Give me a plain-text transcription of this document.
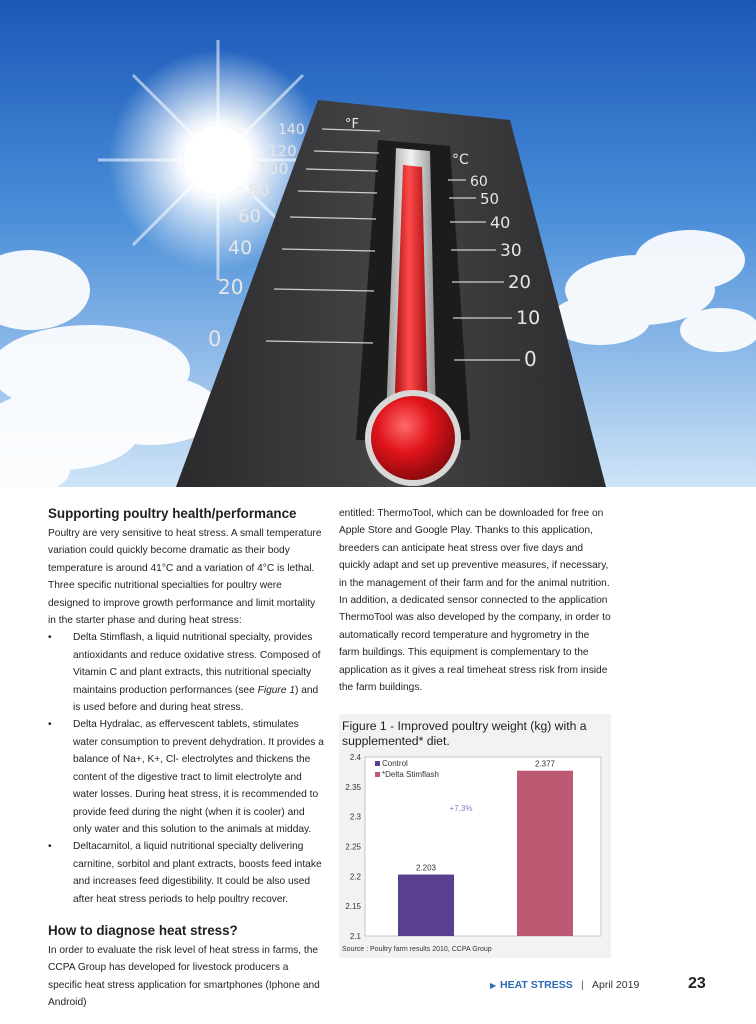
140
120
100
80
60
40
20
0
60
50
40
30
20
10
0
°F
°C
Supporting poultry health/performance

Poultry are very sensitive to heat stress. A small temperature variation could quickly become dramatic as their body temperature is around 41°C and a variation of 4°C is lethal. Three specific nutritional specialties for poultry were designed to improve growth performance and limit mortality in the starter phase and during heat stress:

• Delta Stimflash, a liquid nutritional specialty, provides antioxidants and reduce oxidative stress. Composed of Vitamin C and plant extracts, this nutritional specialty maintains production performances (see Figure 1) and is used before and during heat stress.
• Delta Hydralac, as effervescent tablets, stimulates water consumption to prevent dehydration. It provides a balance of Na+, K+, Cl- electrolytes and thickens the content of the digestive tract to limit electrolyte and water losses. During heat stress, it is recommended to provide feed during the night (when it is cooler) and only water and this solution to the animals at midday.
• Deltacarnitol, a liquid nutritional specialty delivering carnitine, sorbitol and plant extracts, boosts feed intake and increases feed digestibility. It could be also used after heat stress periods to help poultry recover.
How to diagnose heat stress?

In order to evaluate the risk level of heat stress in farms, the CCPA Group has developed for livestock producers a specific heat stress application for smartphones (Iphone and Android)

entitled: ThermoTool, which can be downloaded for free on Apple Store and Google Play. Thanks to this application, breeders can anticipate heat stress over five days and quickly adapt and set up preventive measures, if necessary, in the management of their farm and for the animal nutrition.

In addition, a dedicated sensor connected to the application ThermoTool was also developed by the company, in order to automatically record temperature and hygrometry in the farm buildings. This equipment is complementary to the application as it gives a real timeheat stress risk from inside the farm buildings.

Figure 1 - Improved poultry weight (kg) with a supplemented* diet.
2.4
2.35
2.3
2.25
2.2
2.15
2.1
2.203
2.377
Control
*Delta Stimflash
+7,3%
Source : Poultry farm results 2010, CCPA Group
▶ HEAT STRESS | April 2019	23
